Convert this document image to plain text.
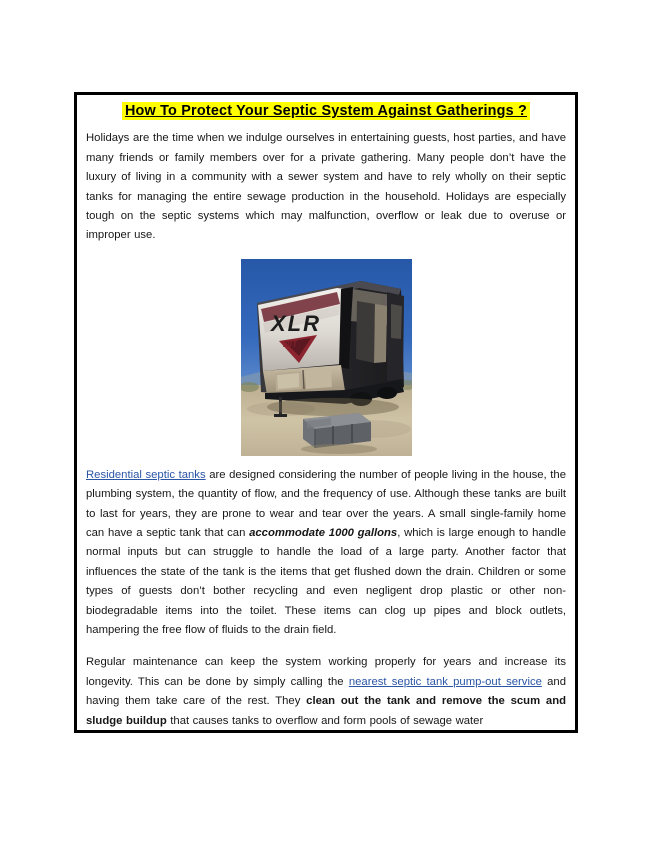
How To Protect Your Septic System Against Gatherings ?

Holidays are the time when we indulge ourselves in entertaining guests, host parties, and have many friends or family members over for a private gathering. Many people don’t have the luxury of living in a community with a sewer system and have to rely wholly on their septic tanks for managing the entire sewage production in the household. Holidays are especially tough on the septic systems which may malfunction, overflow or leak due to overuse or improper use.

XLR
NIT

Residential septic tanks are designed considering the number of people living in the house, the plumbing system, the quantity of flow, and the frequency of use. Although these tanks are built to last for years, they are prone to wear and tear over the years. A small single-family home can have a septic tank that can accommodate 1000 gallons, which is large enough to handle normal inputs but can struggle to handle the load of a large party. Another factor that influences the state of the tank is the items that get flushed down the drain. Children or some types of guests don’t bother recycling and even negligent drop plastic or other non-biodegradable items into the toilet. These items can clog up pipes and block outlets, hampering the free flow of fluids to the drain field.

Regular maintenance can keep the system working properly for years and increase its longevity. This can be done by simply calling the nearest septic tank pump-out service and having them take care of the rest. They clean out the tank and remove the scum and sludge buildup that causes tanks to overflow and form pools of sewage water
